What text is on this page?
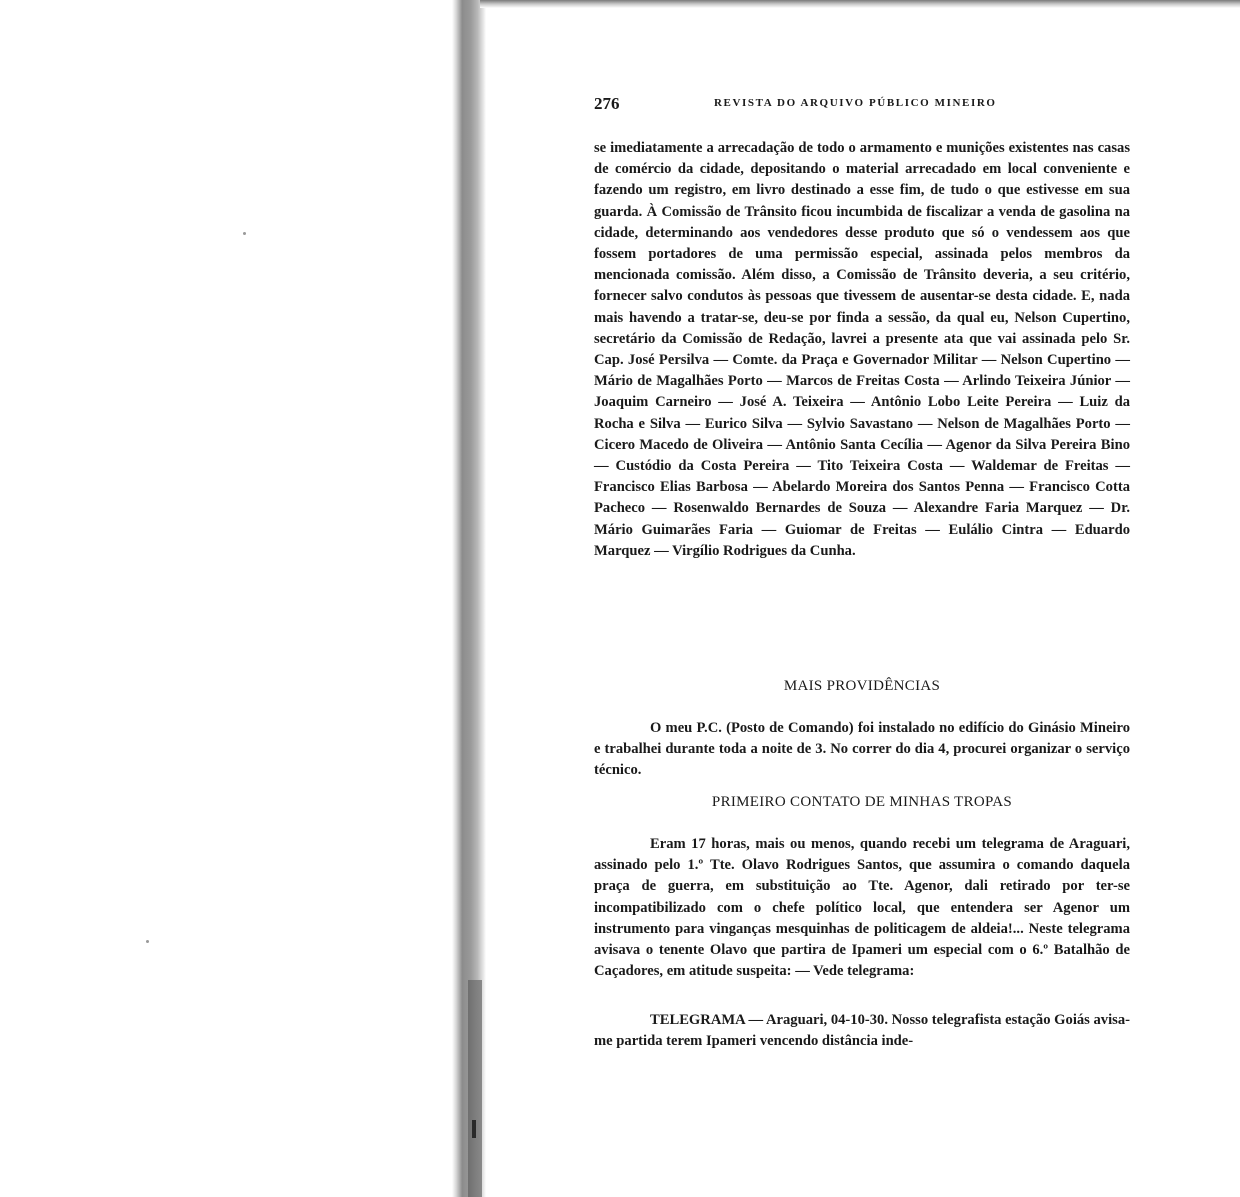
276	REVISTA DO ARQUIVO PÚBLICO MINEIRO

se imediatamente a arrecadação de todo o armamento e munições existentes nas casas de comércio da cidade, depositando o material arrecadado em local conveniente e fazendo um registro, em livro destinado a esse fim, de tudo o que estivesse em sua guarda. À Comissão de Trânsito ficou incumbida de fiscalizar a venda de gasolina na cidade, determinando aos vendedores desse produto que só o vendessem aos que fossem portadores de uma permissão especial, assinada pelos membros da mencionada comissão. Além disso, a Comissão de Trânsito deveria, a seu critério, fornecer salvo condutos às pessoas que tivessem de ausentar-se desta cidade. E, nada mais havendo a tratar-se, deu-se por finda a sessão, da qual eu, Nelson Cupertino, secretário da Comissão de Redação, lavrei a presente ata que vai assinada pelo Sr. Cap. José Persilva — Comte. da Praça e Governador Militar — Nelson Cupertino — Mário de Magalhães Porto — Marcos de Freitas Costa — Arlindo Teixeira Júnior — Joaquim Carneiro — José A. Teixeira — Antônio Lobo Leite Pereira — Luiz da Rocha e Silva — Eurico Silva — Sylvio Savastano — Nelson de Magalhães Porto — Cicero Macedo de Oliveira — Antônio Santa Cecília — Agenor da Silva Pereira Bino — Custódio da Costa Pereira — Tito Teixeira Costa — Waldemar de Freitas — Francisco Elias Barbosa — Abelardo Moreira dos Santos Penna — Francisco Cotta Pacheco — Rosenwaldo Bernardes de Souza — Alexandre Faria Marquez — Dr. Mário Guimarães Faria — Guiomar de Freitas — Eulálio Cintra — Eduardo Marquez — Virgílio Rodrigues da Cunha.

MAIS PROVIDÊNCIAS

O meu P.C. (Posto de Comando) foi instalado no edifício do Ginásio Mineiro e trabalhei durante toda a noite de 3. No correr do dia 4, procurei organizar o serviço técnico.

PRIMEIRO CONTATO DE MINHAS TROPAS

Eram 17 horas, mais ou menos, quando recebi um telegrama de Araguari, assinado pelo 1.º Tte. Olavo Rodrigues Santos, que assumira o comando daquela praça de guerra, em substituição ao Tte. Agenor, dali retirado por ter-se incompatibilizado com o chefe político local, que entendera ser Agenor um instrumento para vinganças mesquinhas de politicagem de aldeia!... Neste telegrama avisava o tenente Olavo que partira de Ipameri um especial com o 6.º Batalhão de Caçadores, em atitude suspeita: — Vede telegrama:

TELEGRAMA — Araguari, 04-10-30. Nosso telegrafista estação Goiás avisa-me partida terem Ipameri vencendo distância inde-
